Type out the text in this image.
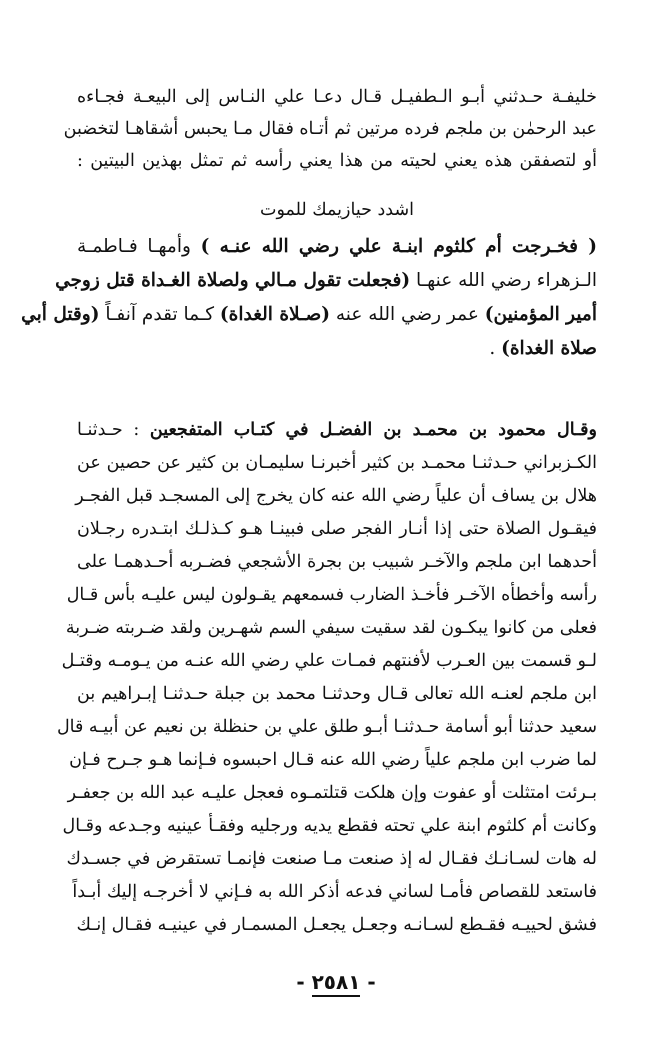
خليفـة حـدثني أبـو الـطفيـل قـال دعـا علي النـاس إلى البيعـة فجـاءه
عبد الرحمٰن بن ملجم فرده مرتين ثم أتـاه فقال مـا يحبس أشقاهـا لتخضبن
أو لتصفقن هذه يعني لحيته من هذا يعني رأسه ثم تمثل بهذين البيتين :
اشدد حيازيمك للموت
( فخـرجت أم كلثوم ابنـة علي رضي الله عنـه ) وأمهـا فـاطمـة
الـزهراء رضي الله عنهـا (فجعلت تقول مـالي ولصلاة الغـداة قتل زوجي
أمير المؤمنين) عمر رضي الله عنه (صـلاة الغداة) كـما تقدم آنفـاً (وقتل أبي
صلاة الغداة) .
وقـال محمود بن محمـد بن الفضـل في كتـاب المتفجعين : حـدثنـا
الكـزبراني حـدثنـا محمـد بن كثير أخبرنـا سليمـان بن كثير عن حصين عن
هلال بن يساف أن علياً رضي الله عنه كان يخرج إلى المسجـد قبل الفجـر
فيقـول الصلاة حتى إذا أنـار الفجر صلى فبينـا هـو كـذلـك ابتـدره رجـلان
أحدهما ابن ملجم والآخـر شبيب بن بجرة الأشجعي فضـربه أحـدهمـا على
رأسه وأخطأه الآخـر فأخـذ الضارب فسمعهم يقـولون ليس عليـه بأس قـال
فعلى من كانوا يبكـون لقد سقيت سيفي السم شهـرين ولقد ضـربته ضـربة
لـو قسمت بين العـرب لأفنتهم فمـات علي رضي الله عنـه من يـومـه وقتـل
ابن ملجم لعنـه الله تعالى قـال وحدثنـا محمد بن جبلة حـدثنـا إبـراهيم بن
سعيد حدثنا أبو أسامة حـدثنـا أبـو طلق علي بن حنظلة بن نعيم عن أبيـه قال
لما ضرب ابن ملجم علياً رضي الله عنه قـال احبسوه فـإنما هـو جـرح فـإن
بـرئت امتثلت أو عفوت وإن هلكت قتلتمـوه فعجل عليـه عبد الله بن جعفـر
وكانت أم كلثوم ابنة علي تحته فقطع يديه ورجليه وفقـأ عينيه وجـدعه وقـال
له هات لسـانـك فقـال له إذ صنعت مـا صنعت فإنمـا تستقرض في جسـدك
فاستعد للقصاص فأمـا لساني فدعه أذكر الله به فـإني لا أخرجـه إليك أبـداً
فشق لحييـه فقـطع لسـانـه وجعـل يجعـل المسمـار في عينيـه فقـال إنـك
- ٢٥٨١ -
